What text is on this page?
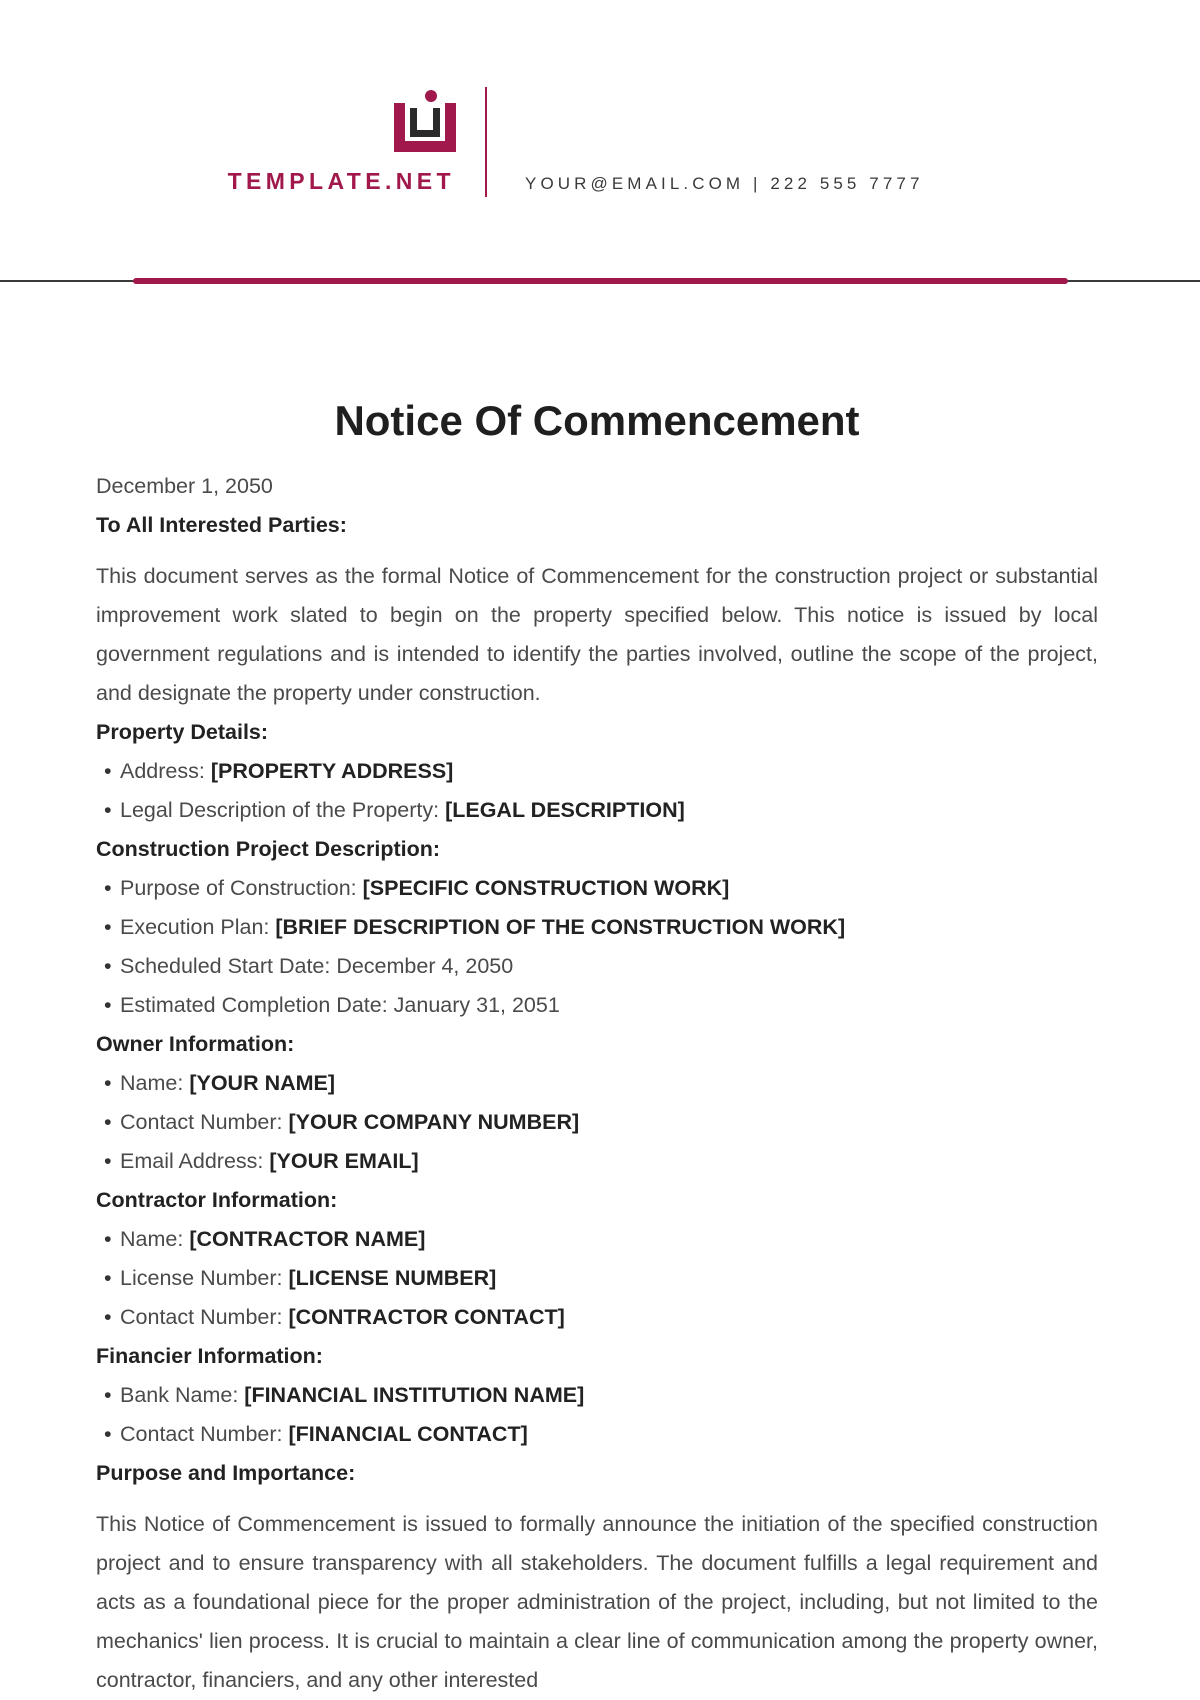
TEMPLATE.NET	YOUR@EMAIL.COM | 222 555 7777
Notice Of Commencement

December 1, 2050

To All Interested Parties:

This document serves as the formal Notice of Commencement for the construction project or substantial improvement work slated to begin on the property specified below. This notice is issued by local government regulations and is intended to identify the parties involved, outline the scope of the project, and designate the property under construction.

Property Details:

• Address: [PROPERTY ADDRESS]
• Legal Description of the Property: [LEGAL DESCRIPTION]

Construction Project Description:

• Purpose of Construction: [SPECIFIC CONSTRUCTION WORK]
• Execution Plan: [BRIEF DESCRIPTION OF THE CONSTRUCTION WORK]
• Scheduled Start Date: December 4, 2050
• Estimated Completion Date: January 31, 2051

Owner Information:

• Name: [YOUR NAME]
• Contact Number: [YOUR COMPANY NUMBER]
• Email Address: [YOUR EMAIL]

Contractor Information:

• Name: [CONTRACTOR NAME]
• License Number: [LICENSE NUMBER]
• Contact Number: [CONTRACTOR CONTACT]

Financier Information:

• Bank Name: [FINANCIAL INSTITUTION NAME]
• Contact Number: [FINANCIAL CONTACT]

Purpose and Importance:

This Notice of Commencement is issued to formally announce the initiation of the specified construction project and to ensure transparency with all stakeholders. The document fulfills a legal requirement and acts as a foundational piece for the proper administration of the project, including, but not limited to the mechanics' lien process. It is crucial to maintain a clear line of communication among the property owner, contractor, financiers, and any other interested
